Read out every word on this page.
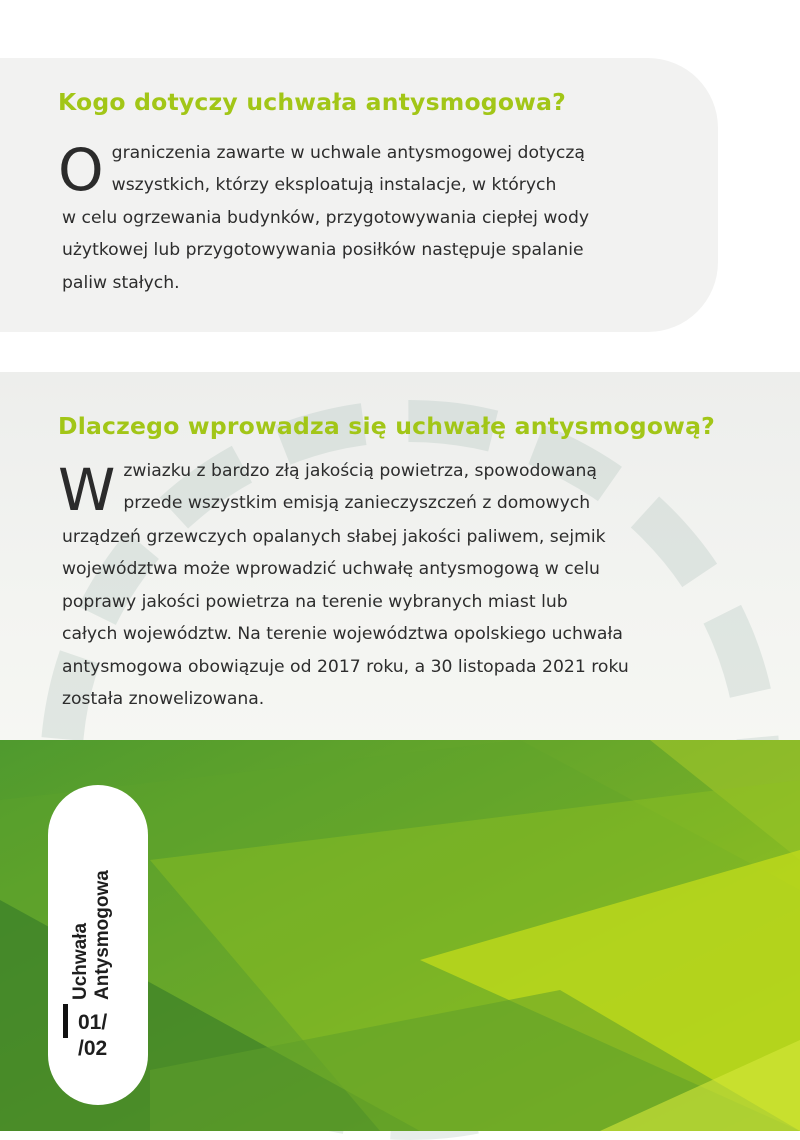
Kogo dotyczy uchwała antysmogowa?
O graniczenia zawarte w uchwale antysmogowej dotyczą
wszystkich, którzy eksploatują instalacje, w których
w celu ogrzewania budynków, przygotowywania ciepłej wody
użytkowej lub przygotowywania posiłków następuje spalanie
paliw stałych.
Dlaczego wprowadza się uchwałę antysmogową?
W zwiazku z bardzo złą jakością powietrza, spowodowaną
przede wszystkim emisją zanieczyszczeń z domowych
urządzeń grzewczych opalanych słabej jakości paliwem, sejmik
województwa może wprowadzić uchwałę antysmogową w celu
poprawy jakości powietrza na terenie wybranych miast lub
całych województw. Na terenie województwa opolskiego uchwała
antysmogowa obowiązuje od 2017 roku, a 30 listopada 2021 roku
została znowelizowana.
Uchwała Antysmogowa
01/
/02
